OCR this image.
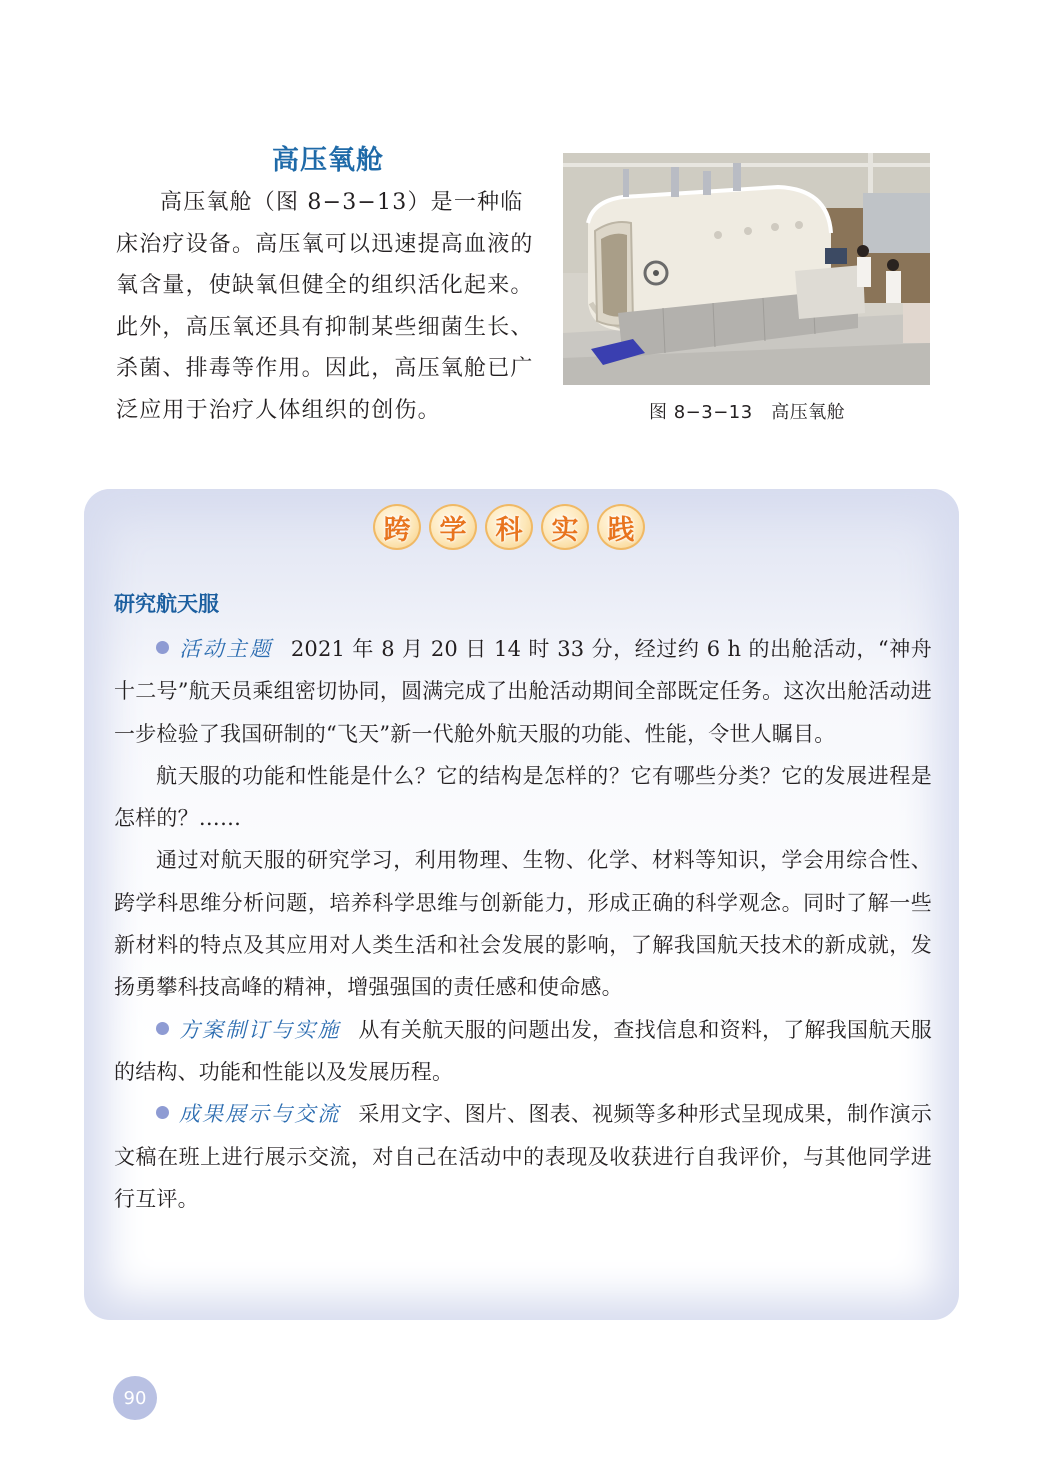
高压氧舱

高压氧舱（图 8−3−13）是一种临床治疗设备。高压氧可以迅速提高血液的氧含量，使缺氧但健全的组织活化起来。此外，高压氧还具有抑制某些细菌生长、杀菌、排毒等作用。因此，高压氧舱已广泛应用于治疗人体组织的创伤。	图 8−3−13　高压氧舱
跨	学	科	实	践
研究航天服

活动主题 2021 年 8 月 20 日 14 时 33 分，经过约 6 h 的出舱活动，“神舟十二号”航天员乘组密切协同，圆满完成了出舱活动期间全部既定任务。这次出舱活动进一步检验了我国研制的“飞天”新一代舱外航天服的功能、性能，令世人瞩目。

航天服的功能和性能是什么？它的结构是怎样的？它有哪些分类？它的发展进程是怎样的？……

通过对航天服的研究学习，利用物理、生物、化学、材料等知识，学会用综合性、跨学科思维分析问题，培养科学思维与创新能力，形成正确的科学观念。同时了解一些新材料的特点及其应用对人类生活和社会发展的影响，了解我国航天技术的新成就，发扬勇攀科技高峰的精神，增强强国的责任感和使命感。

方案制订与实施 从有关航天服的问题出发，查找信息和资料，了解我国航天服的结构、功能和性能以及发展历程。

成果展示与交流 采用文字、图片、图表、视频等多种形式呈现成果，制作演示文稿在班上进行展示交流，对自己在活动中的表现及收获进行自我评价，与其他同学进行互评。

90
